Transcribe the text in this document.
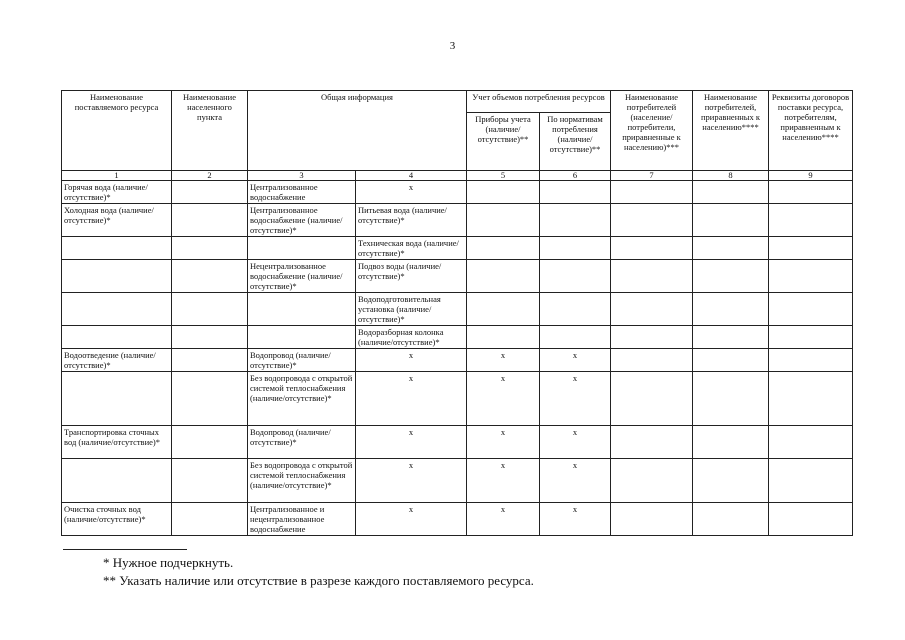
3
Наименование поставляемого ресурса	Наименование населенного пункта	Общая информация		Учет объемов потребления ресурсов		Наименование потребителей (население/ потребители, приравненные к населению)***	Наименование потребителей, приравненных к населению****	Реквизиты договоров поставки ресурса, потребителям, приравненным к населению****
				Приборы учета (наличие/ отсутствие)**	По нормативам потребления (наличие/ отсутствие)**			
1	2	3	4	5	6	7	8	9
Горячая вода (наличие/отсутствие)*		Централизованное водоснабжение	x					
Холодная вода (наличие/отсутствие)*		Централизованное водоснабжение (наличие/отсутствие)*	Питьевая вода (наличие/отсутствие)*					
			Техническая вода (наличие/отсутствие)*					
		Нецентрализованное водоснабжение (наличие/отсутствие)*	Подвоз воды (наличие/отсутствие)*					
			Водоподготовительная установка (наличие/отсутствие)*					
			Водоразборная колонка (наличие/отсутствие)*					
Водоотведение (наличие/отсутствие)*		Водопровод (наличие/отсутствие)*	x	x	x			
		Без водопровода с открытой системой теплоснабжения (наличие/отсутствие)*	x	x	x			
Транспортировка сточных вод (наличие/отсутствие)*		Водопровод (наличие/отсутствие)*	x	x	x			
		Без водопровода с открытой системой теплоснабжения (наличие/отсутствие)*	x	x	x			
Очистка сточных вод (наличие/отсутствие)*		Централизованное и нецентрализованное водоснабжение	x	x	x			
* Нужное подчеркнуть.
** Указать наличие или отсутствие в разрезе каждого поставляемого ресурса.
